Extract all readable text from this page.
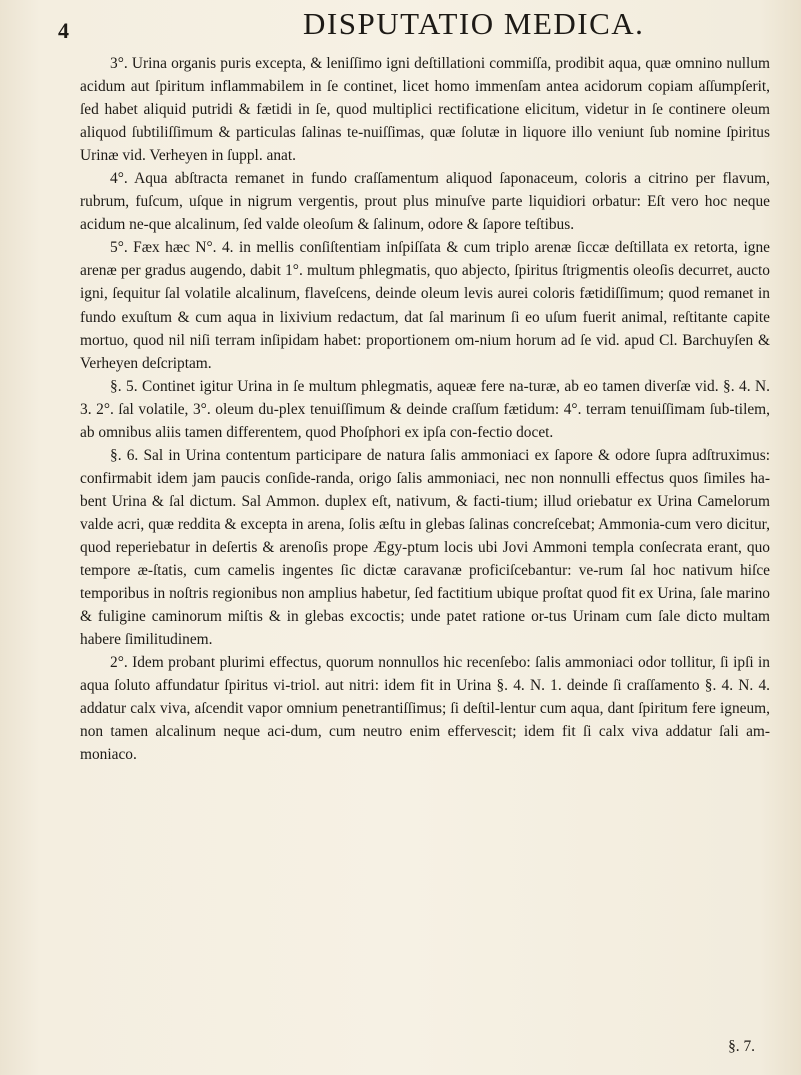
4	DISPUTATIO MEDICA.

3°. Urina organis puris excepta, & leniſſimo igni deſtillationi commiſſa, prodibit aqua, quæ omnino nullum acidum aut ſpiritum inflammabilem in ſe continet, licet homo immenſam antea acidorum copiam aſſumpſerit, ſed habet aliquid putridi & fætidi in ſe, quod multiplici rectificatione elicitum, videtur in ſe continere oleum aliquod ſubtiliſſimum & particulas ſalinas te-nuiſſimas, quæ ſolutæ in liquore illo veniunt ſub nomine ſpiritus Urinæ vid. Verheyen in ſuppl. anat.

4°. Aqua abſtracta remanet in fundo craſſamentum aliquod ſaponaceum, coloris a citrino per flavum, rubrum, fuſcum, uſque in nigrum vergentis, prout plus minuſve parte liquidiori orbatur: Eſt vero hoc neque acidum ne-que alcalinum, ſed valde oleoſum & ſalinum, odore & ſapore teſtibus.

5°. Fæx hæc N°. 4. in mellis conſiſtentiam inſpiſſata & cum triplo arenæ ſiccæ deſtillata ex retorta, igne arenæ per gradus augendo, dabit 1°. multum phlegmatis, quo abjecto, ſpiritus ſtrigmentis oleoſis decurret, aucto igni, ſequitur ſal volatile alcalinum, flaveſcens, deinde oleum levis aurei coloris fætidiſſimum; quod remanet in fundo exuſtum & cum aqua in lixivium redactum, dat ſal marinum ſi eo uſum fuerit animal, reſtitante capite mortuo, quod nil niſi terram inſipidam habet: proportionem om-nium horum ad ſe vid. apud Cl. Barchuyſen & Verheyen deſcriptam.

§. 5. Continet igitur Urina in ſe multum phlegmatis, aqueæ fere na-turæ, ab eo tamen diverſæ vid. §. 4. N. 3. 2°. ſal volatile, 3°. oleum du-plex tenuiſſimum & deinde craſſum fætidum: 4°. terram tenuiſſimam ſub-tilem, ab omnibus aliis tamen differentem, quod Phoſphori ex ipſa con-fectio docet.

§. 6. Sal in Urina contentum participare de natura ſalis ammoniaci ex ſapore & odore ſupra adſtruximus: confirmabit idem jam paucis conſide-randa, origo ſalis ammoniaci, nec non nonnulli effectus quos ſimiles ha-bent Urina & ſal dictum. Sal Ammon. duplex eſt, nativum, & facti-tium; illud oriebatur ex Urina Camelorum valde acri, quæ reddita & excepta in arena, ſolis æſtu in glebas ſalinas concreſcebat; Ammonia-cum vero dicitur, quod reperiebatur in deſertis & arenoſis prope Ægy-ptum locis ubi Jovi Ammoni templa conſecrata erant, quo tempore æ-ſtatis, cum camelis ingentes ſic dictæ caravanæ proficiſcebantur: ve-rum ſal hoc nativum hiſce temporibus in noſtris regionibus non amplius habetur, ſed factitium ubique proſtat quod fit ex Urina, ſale marino & fuligine caminorum miſtis & in glebas excoctis; unde patet ratione or-tus Urinam cum ſale dicto multam habere ſimilitudinem.

2°. Idem probant plurimi effectus, quorum nonnullos hic recenſebo: ſalis ammoniaci odor tollitur, ſi ipſi in aqua ſoluto affundatur ſpiritus vi-triol. aut nitri: idem fit in Urina §. 4. N. 1. deinde ſi craſſamento §. 4. N. 4. addatur calx viva, aſcendit vapor omnium penetrantiſſimus; ſi deſtil-lentur cum aqua, dant ſpiritum fere igneum, non tamen alcalinum neque aci-dum, cum neutro enim effervescit; idem fit ſi calx viva addatur ſali am-moniaco.

§. 7.
